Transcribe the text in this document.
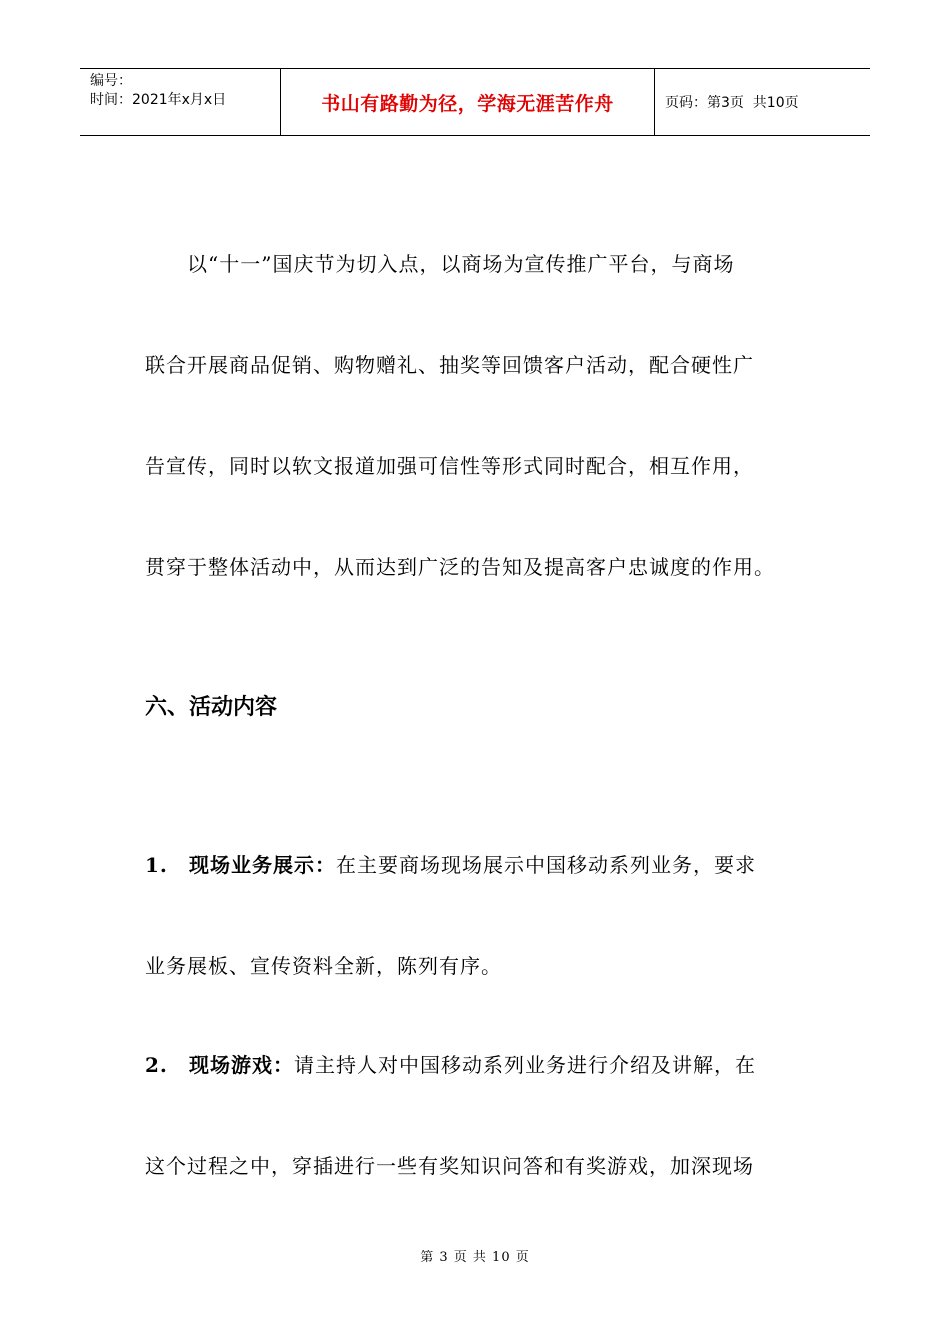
编号：
时间：2021年x月x日	书山有路勤为径，学海无涯苦作舟	页码：第3页  共10页
　　以“十一”国庆节为切入点，以商场为宣传推广平台，与商场
联合开展商品促销、购物赠礼、抽奖等回馈客户活动，配合硬性广
告宣传，同时以软文报道加强可信性等形式同时配合，相互作用，
贯穿于整体活动中，从而达到广泛的告知及提高客户忠诚度的作用。
六、活动内容
1. 现场业务展示：在主要商场现场展示中国移动系列业务，要求
业务展板、宣传资料全新，陈列有序。
2. 现场游戏：请主持人对中国移动系列业务进行介绍及讲解，在
这个过程之中，穿插进行一些有奖知识问答和有奖游戏，加深现场
第 3 页 共 10 页
